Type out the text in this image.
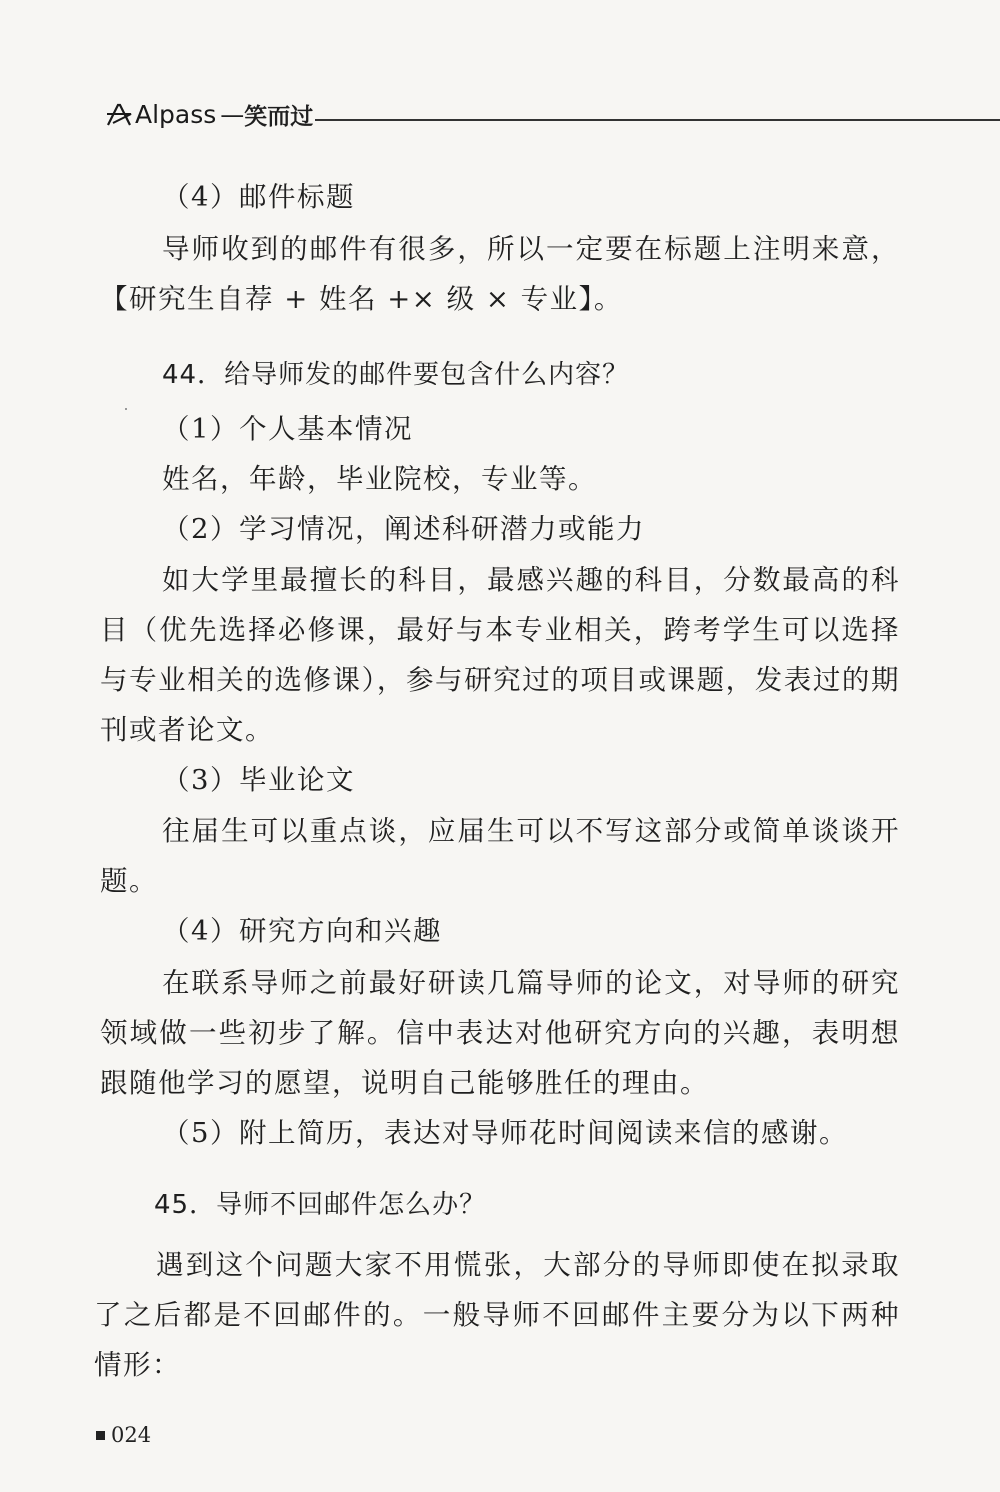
Alpass — 笑而过

（4）邮件标题

导师收到的邮件有很多，所以一定要在标题上注明来意，【研究生自荐 + 姓名 +× 级 × 专业】。

44．给导师发的邮件要包含什么内容？

（1）个人基本情况

姓名，年龄，毕业院校，专业等。

（2）学习情况，阐述科研潜力或能力

如大学里最擅长的科目，最感兴趣的科目，分数最高的科目（优先选择必修课，最好与本专业相关，跨考学生可以选择与专业相关的选修课），参与研究过的项目或课题，发表过的期刊或者论文。

（3）毕业论文

往届生可以重点谈，应届生可以不写这部分或简单谈谈开题。

（4）研究方向和兴趣

在联系导师之前最好研读几篇导师的论文，对导师的研究领域做一些初步了解。信中表达对他研究方向的兴趣，表明想跟随他学习的愿望，说明自己能够胜任的理由。

（5）附上简历，表达对导师花时间阅读来信的感谢。

45．导师不回邮件怎么办？

遇到这个问题大家不用慌张，大部分的导师即使在拟录取了之后都是不回邮件的。一般导师不回邮件主要分为以下两种情形：

024
